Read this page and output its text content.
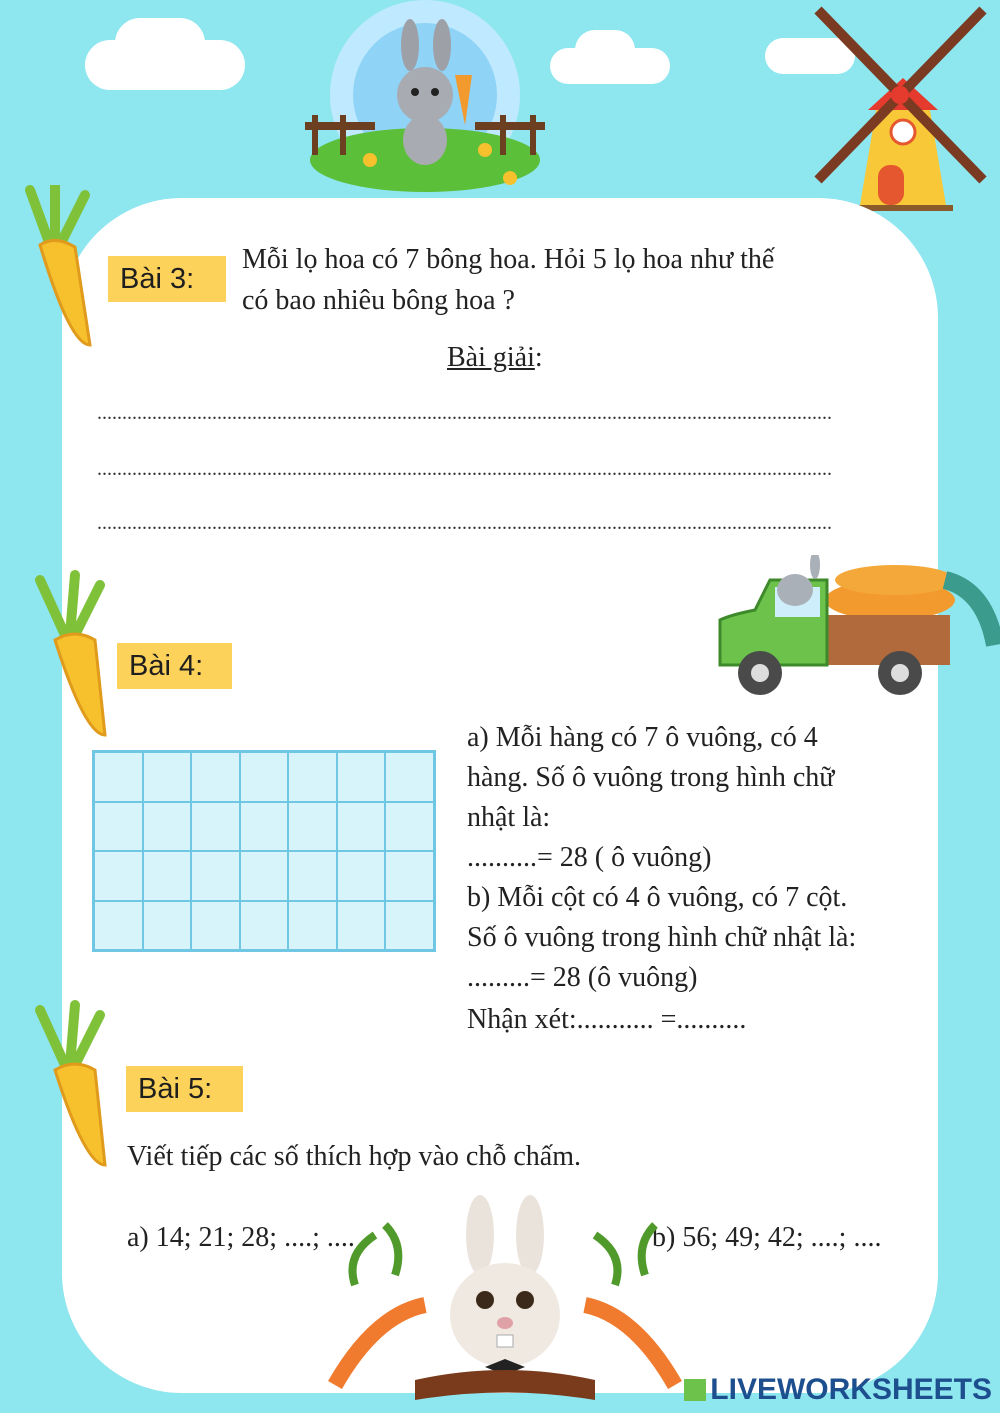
Bài 3:
Mỗi lọ hoa có 7 bông hoa. Hỏi 5 lọ hoa như thế
có bao nhiêu bông hoa ?
Bài giải:
...................................................................................................................................................
...................................................................................................................................................
...................................................................................................................................................
Bài 4:
a) Mỗi hàng có 7 ô vuông, có 4
hàng. Số ô vuông trong hình chữ
nhật là:
..........= 28 ( ô vuông)
b) Mỗi cột có 4 ô vuông, có 7 cột.
Số ô vuông trong hình chữ nhật là:
.........= 28 (ô vuông)
Nhận xét:........... =..........
Bài 5:
Viết tiếp các số thích hợp vào chỗ chấm.
a) 14; 21; 28; ....; ....	b) 56; 49; 42; ....; ....
LIVEWORKSHEETS
